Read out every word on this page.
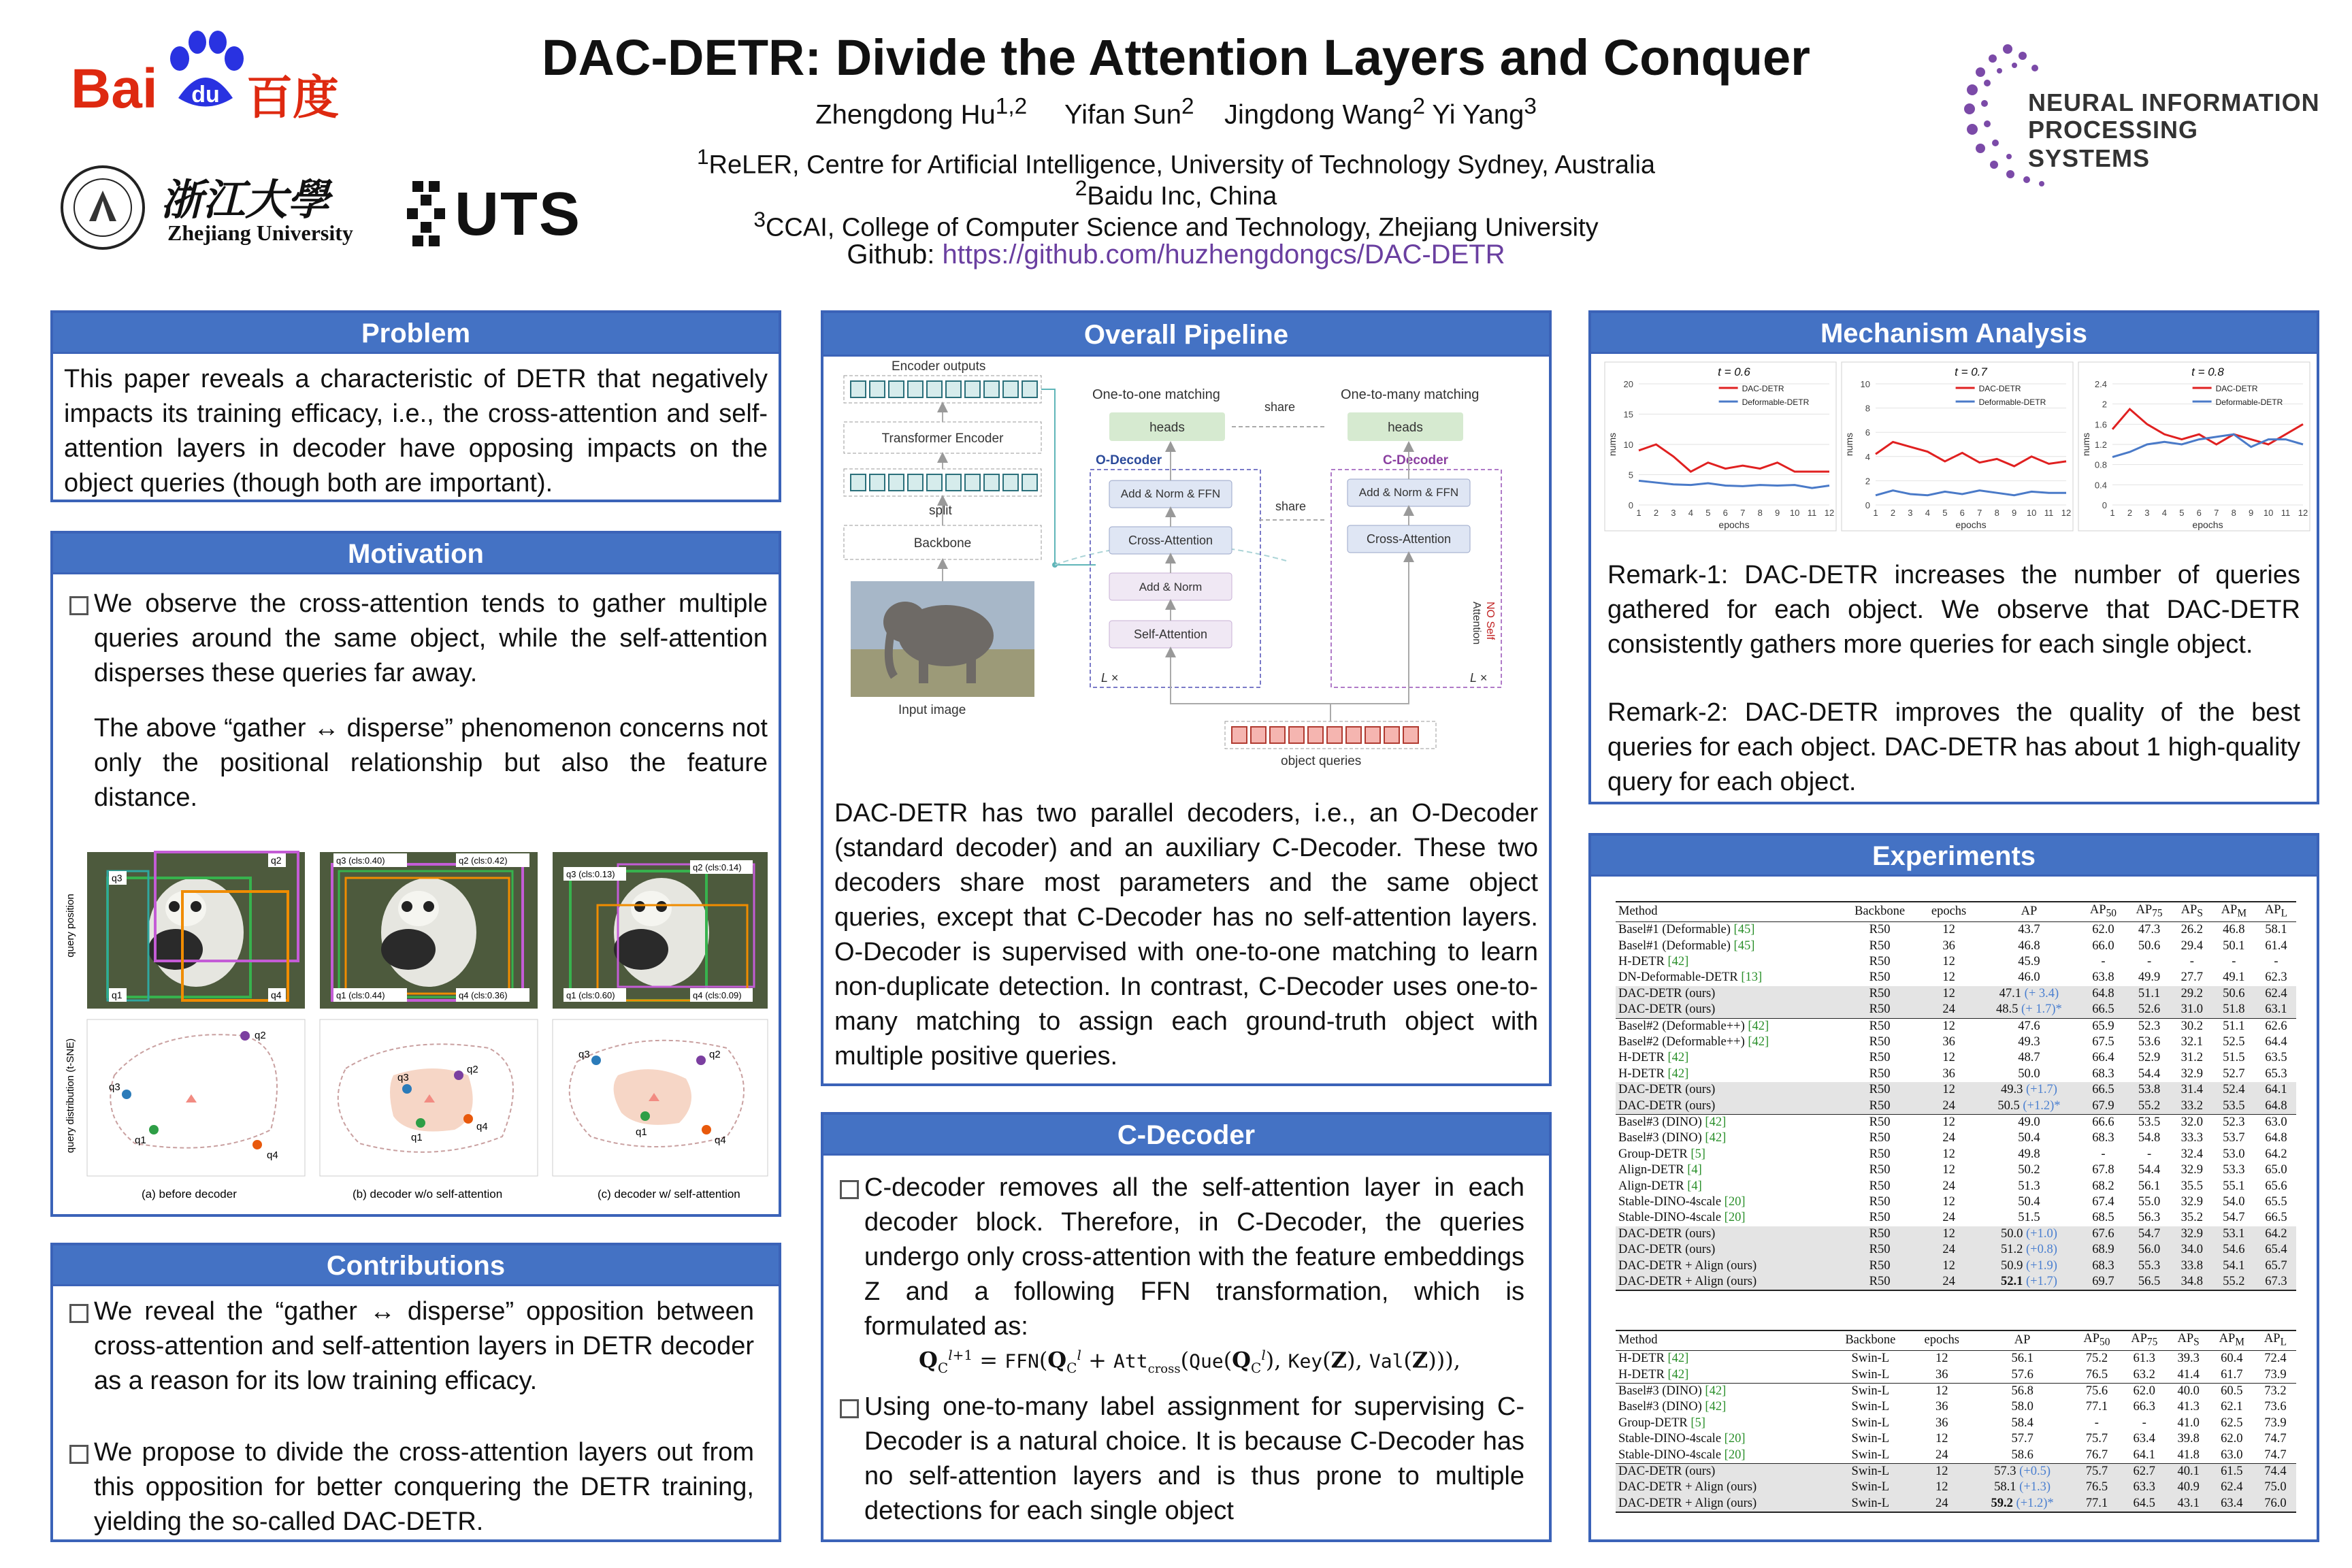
DAC-DETR: Divide the Attention Layers and Conquer
Zhengdong Hu$^{1,2}$ Yifan Sun$^2$ Jingdong Wang$^2$ Yi Yang$^3$
$^1$ReLER, Centre for Artificial Intelligence, University of Technology Sydney, Australia
$^2$Baidu Inc, China
$^3$CCAI, College of Computer Science and Technology, Zhejiang University
Github: https://github.com/huzhengdongcs/DAC-DETR
Bai du 百度
浙江大學
Zhejiang University UTS
NEURAL INFORMATION
PROCESSING SYSTEMS
Problem
This paper reveals a characteristic of DETR that negatively impacts its training efficacy, i.e., the cross-attention and self-attention layers in decoder have opposing impacts on the object queries (though both are important).
Motivation
We observe the cross-attention tends to gather multiple queries around the same object, while the self-attention disperses these queries far away.
The above “gather ↔ disperse” phenomenon concerns not only the positional relationship but also the feature distance.
query position
query distribution (t-SNE)
q3
q2
q1	q4
q3 (cls:0.40)	q2 (cls:0.42)
q1 (cls:0.44)	q4 (cls:0.36)
q3 (cls:0.13)
q2 (cls:0.14)
q1 (cls:0.60)	q4 (cls:0.09)
q2
q3
q1
q4
q2
q3
q1
q4
q2
q3
q1
q4
(a) before decoder	(b) decoder w/o self-attention	(c) decoder w/ self-attention
Contributions
We reveal the “gather ↔ disperse” opposition between cross-attention and self-attention layers in DETR decoder as a reason for its low training efficacy.
We propose to divide the cross-attention layers out from this opposition for better conquering the DETR training, yielding the so-called DAC-DETR.
Overall Pipeline
Encoder outputs
Transformer Encoder
split
Backbone
Input image
One-to-one matching
heads
share
O-Decoder
Add & Norm & FFN
Cross-Attention
Add & Norm
Self-Attention
L ×
One-to-many matching
heads
C-Decoder
Add & Norm & FFN
Cross-Attention
share
NO Self
Attention
L ×
object queries
DAC-DETR has two parallel decoders, i.e., an O-Decoder (standard decoder) and an auxiliary C-Decoder. These two decoders share most parameters and the same object queries, except that C-Decoder has no self-attention layers. O-Decoder is supervised with one-to-one matching to learn non-duplicate detection. In contrast, C-Decoder uses one-to-many matching to assign each ground-truth object with multiple positive queries.
C-Decoder
C-decoder removes all the self-attention layer in each decoder block. Therefore, in C-Decoder, the queries undergo only cross-attention with the feature embeddings Z and a following FFN transformation, which is formulated as:
$Q_C^{l+1} = FFN(Q_C^l + Att_{cross}(Que(Q_C^l)$, Key(Z), Val(Z))),
Using one-to-many label assignment for supervising C-Decoder is a natural choice. It is because C-Decoder has no self-attention layers and is thus prone to multiple detections for each single object
Mechanism Analysis
t = 0.6
0
5
10
15
20
1 2 3 4 5 6 7 8 9 10 11 12
epochs
nums
DAC-DETR
Deformable-DETR
t = 0.7
0
2
4
6
8
10
1 2 3 4 5 6 7 8 9 10 11 12
epochs
nums
DAC-DETR
Deformable-DETR
t = 0.8
0
0.4
0.8
1.2
1.6
2
2.4
1 2 3 4 5 6 7 8 9 10 11 12
epochs
nums
DAC-DETR
Deformable-DETR
Remark-1: DAC-DETR increases the number of queries gathered for each object. We observe that DAC-DETR consistently gathers more queries for each single object.
Remark-2: DAC-DETR improves the quality of the best queries for each object. DAC-DETR has about 1 high-quality query for each object.
Experiments
Method	Backbone	epochs	AP	$AP_{50}$	$AP_{75}$	$AP_S$	$AP_M$	$AP_L$
Basel#1 (Deformable) [45]	R50	12	43.7	62.0	47.3	26.2	46.8	58.1
Basel#1 (Deformable) [45]	R50	36	46.8	66.0	50.6	29.4	50.1	61.4
H-DETR [42]	R50	12	45.9	-	-	-	-	-
DN-Deformable-DETR [13]	R50	12	46.0	63.8	49.9	27.7	49.1	62.3
DAC-DETR (ours)	R50	12	47.1 (+ 3.4)	64.8	51.1	29.2	50.6	62.4
DAC-DETR (ours)	R50	24	48.5 (+ 1.7)*	66.5	52.6	31.0	51.8	63.1
Basel#2 (Deformable++) [42]	R50	12	47.6	65.9	52.3	30.2	51.1	62.6
Basel#2 (Deformable++) [42]	R50	36	49.3	67.5	53.6	32.1	52.5	64.4
H-DETR [42]	R50	12	48.7	66.4	52.9	31.2	51.5	63.5
H-DETR [42]	R50	36	50.0	68.3	54.4	32.9	52.7	65.3
DAC-DETR (ours)	R50	12	49.3 (+1.7)	66.5	53.8	31.4	52.4	64.1
DAC-DETR (ours)	R50	24	50.5 (+1.2)*	67.9	55.2	33.2	53.5	64.8
Basel#3 (DINO) [42]	R50	12	49.0	66.6	53.5	32.0	52.3	63.0
Basel#3 (DINO) [42]	R50	24	50.4	68.3	54.8	33.3	53.7	64.8
Group-DETR [5]	R50	12	49.8	-	-	32.4	53.0	64.2
Align-DETR [4]	R50	12	50.2	67.8	54.4	32.9	53.3	65.0
Align-DETR [4]	R50	24	51.3	68.2	56.1	35.5	55.1	65.6
Stable-DINO-4scale [20]	R50	12	50.4	67.4	55.0	32.9	54.0	65.5
Stable-DINO-4scale [20]	R50	24	51.5	68.5	56.3	35.2	54.7	66.5
DAC-DETR (ours)	R50	12	50.0 (+1.0)	67.6	54.7	32.9	53.1	64.2
DAC-DETR (ours)	R50	24	51.2 (+0.8)	68.9	56.0	34.0	54.6	65.4
DAC-DETR + Align (ours)	R50	12	50.9 (+1.9)	68.3	55.3	33.8	54.1	65.7
DAC-DETR + Align (ours)	R50	24	52.1 (+1.7)	69.7	56.5	34.8	55.2	67.3
Method	Backbone	epochs	AP	$AP_{50}$	$AP_{75}$	$AP_S$	$AP_M$	$AP_L$
H-DETR [42]	Swin-L	12	56.1	75.2	61.3	39.3	60.4	72.4
H-DETR [42]	Swin-L	36	57.6	76.5	63.2	41.4	61.7	73.9
Basel#3 (DINO) [42]	Swin-L	12	56.8	75.6	62.0	40.0	60.5	73.2
Basel#3 (DINO) [42]	Swin-L	36	58.0	77.1	66.3	41.3	62.1	73.6
Group-DETR [5]	Swin-L	36	58.4	-	-	41.0	62.5	73.9
Stable-DINO-4scale [20]	Swin-L	12	57.7	75.7	63.4	39.8	62.0	74.7
Stable-DINO-4scale [20]	Swin-L	24	58.6	76.7	64.1	41.8	63.0	74.7
DAC-DETR (ours)	Swin-L	12	57.3 (+0.5)	75.7	62.7	40.1	61.5	74.4
DAC-DETR + Align (ours)	Swin-L	12	58.1 (+1.3)	76.5	63.3	40.9	62.4	75.0
DAC-DETR + Align (ours)	Swin-L	24	59.2 (+1.2)*	77.1	64.5	43.1	63.4	76.0
